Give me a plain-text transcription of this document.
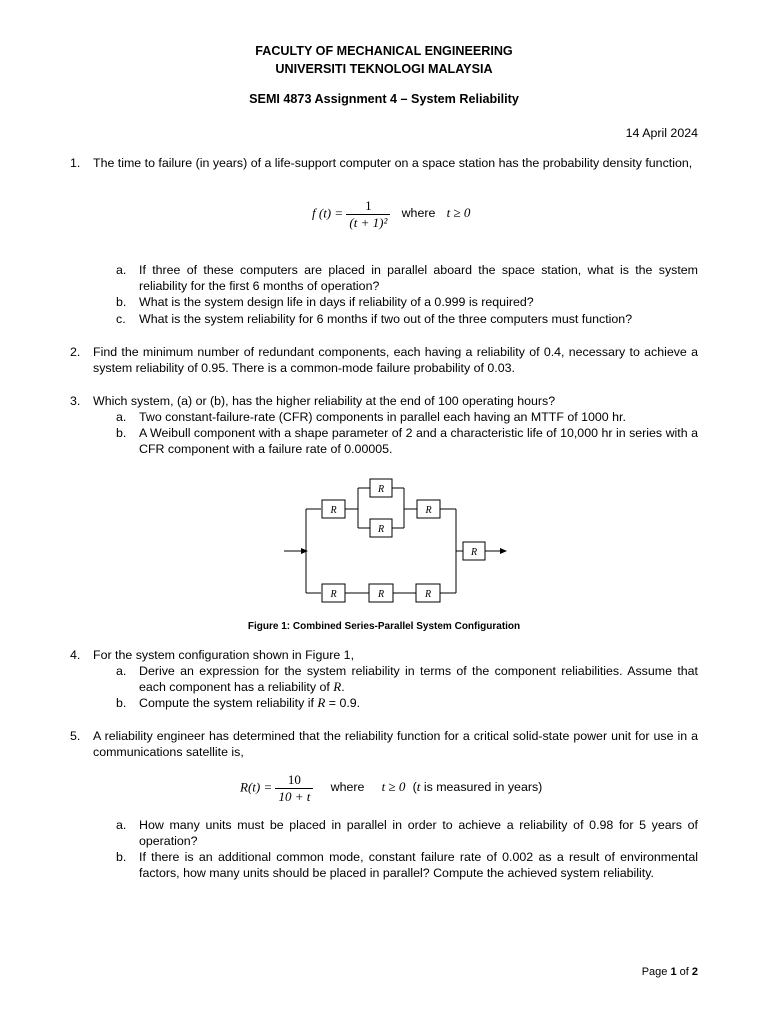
FACULTY OF MECHANICAL ENGINEERING
UNIVERSITI TEKNOLOGI MALAYSIA
SEMI 4873 Assignment 4 – System Reliability
14 April 2024
1.	The time to failure (in years) of a life-support computer on a space station has the probability density function,
f $(t) = \frac{1}{\text{(t + 1)²}}$ where t ≥ 0
a.	If three of these computers are placed in parallel aboard the space station, what is the system reliability for the first 6 months of operation?
b.	What is the system design life in days if reliability of a 0.999 is required?
c.	What is the system reliability for 6 months if two out of the three computers must function?
2.	Find the minimum number of redundant components, each having a reliability of 0.4, necessary to achieve a system reliability of 0.95. There is a common-mode failure probability of 0.03.
3.	Which system, (a) or (b), has the higher reliability at the end of 100 operating hours?
a.	Two constant-failure-rate (CFR) components in parallel each having an MTTF of 1000 hr.
b.	A Weibull component with a shape parameter of 2 and a characteristic life of 10,000 hr in series with a CFR component with a failure rate of 0.00005.
R
R
R
R
R
R	R	R
Figure 1: Combined Series-Parallel System Configuration
4.	For the system configuration shown in Figure 1,
a.	Derive an expression for the system reliability in terms of the component reliabilities. Assume that each component has a reliability of R.
b.	Compute the system reliability if R = 0.9.
5.	A reliability engineer has determined that the reliability function for a critical solid-state power unit for use in a communications satellite is,
$R(t) = \frac{10}{10 + t}$ where t ≥ 0 (t is measured in years)
a.	How many units must be placed in parallel in order to achieve a reliability of 0.98 for 5 years of operation?
b.	If there is an additional common mode, constant failure rate of 0.002 as a result of environmental factors, how many units should be placed in parallel? Compute the achieved system reliability.
Page 1 of 2
